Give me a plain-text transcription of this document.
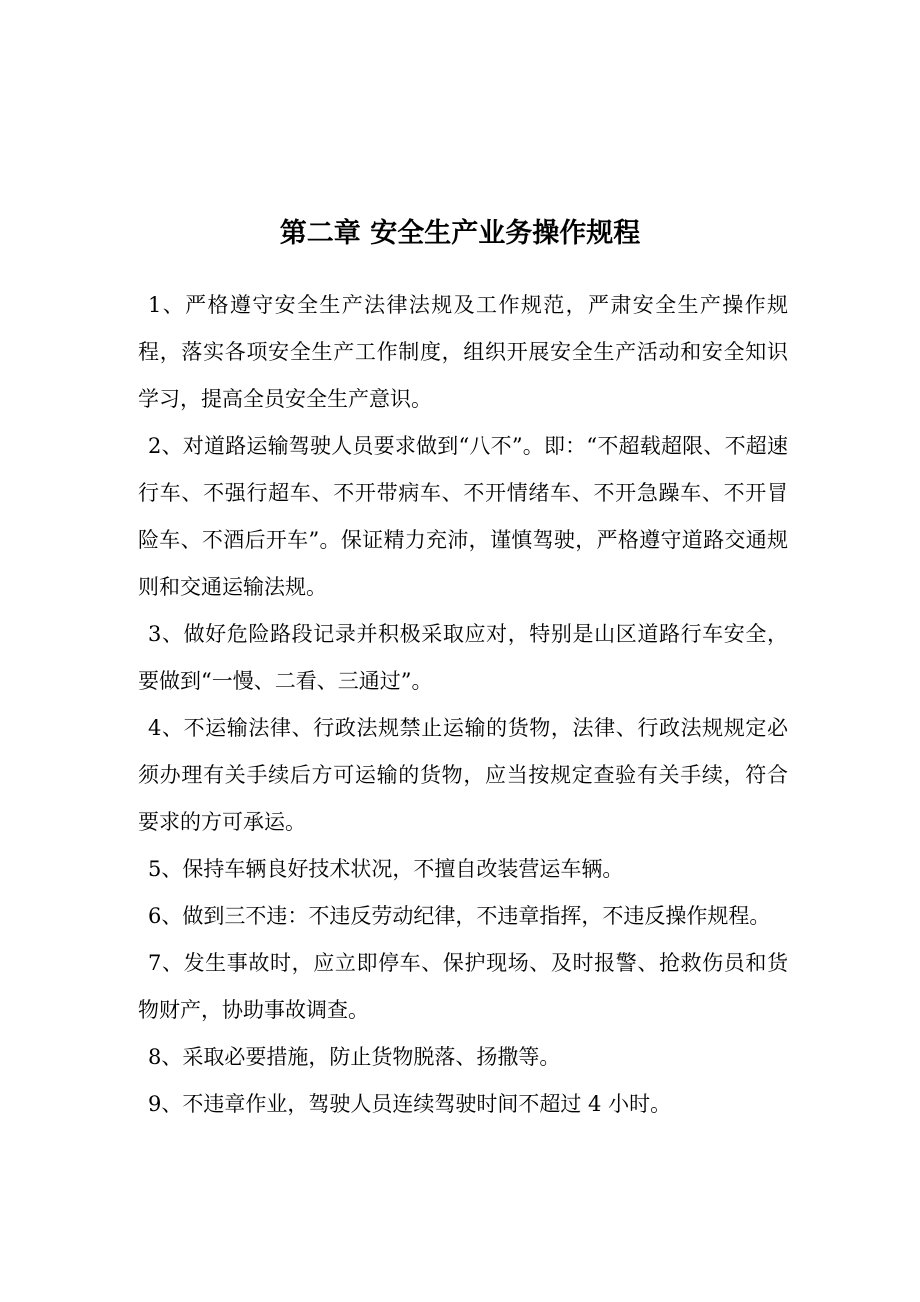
第二章 安全生产业务操作规程

1、严格遵守安全生产法律法规及工作规范，严肃安全生产操作规程，落实各项安全生产工作制度，组织开展安全生产活动和安全知识学习，提高全员安全生产意识。

2、对道路运输驾驶人员要求做到“八不”。即：“不超载超限、不超速行车、不强行超车、不开带病车、不开情绪车、不开急躁车、不开冒险车、不酒后开车”。保证精力充沛，谨慎驾驶，严格遵守道路交通规则和交通运输法规。

3、做好危险路段记录并积极采取应对，特别是山区道路行车安全，要做到“一慢、二看、三通过”。

4、不运输法律、行政法规禁止运输的货物，法律、行政法规规定必须办理有关手续后方可运输的货物，应当按规定查验有关手续，符合要求的方可承运。

5、保持车辆良好技术状况，不擅自改装营运车辆。

6、做到三不违：不违反劳动纪律，不违章指挥，不违反操作规程。

7、发生事故时，应立即停车、保护现场、及时报警、抢救伤员和货物财产，协助事故调查。

8、采取必要措施，防止货物脱落、扬撒等。

9、不违章作业，驾驶人员连续驾驶时间不超过 4 小时。
